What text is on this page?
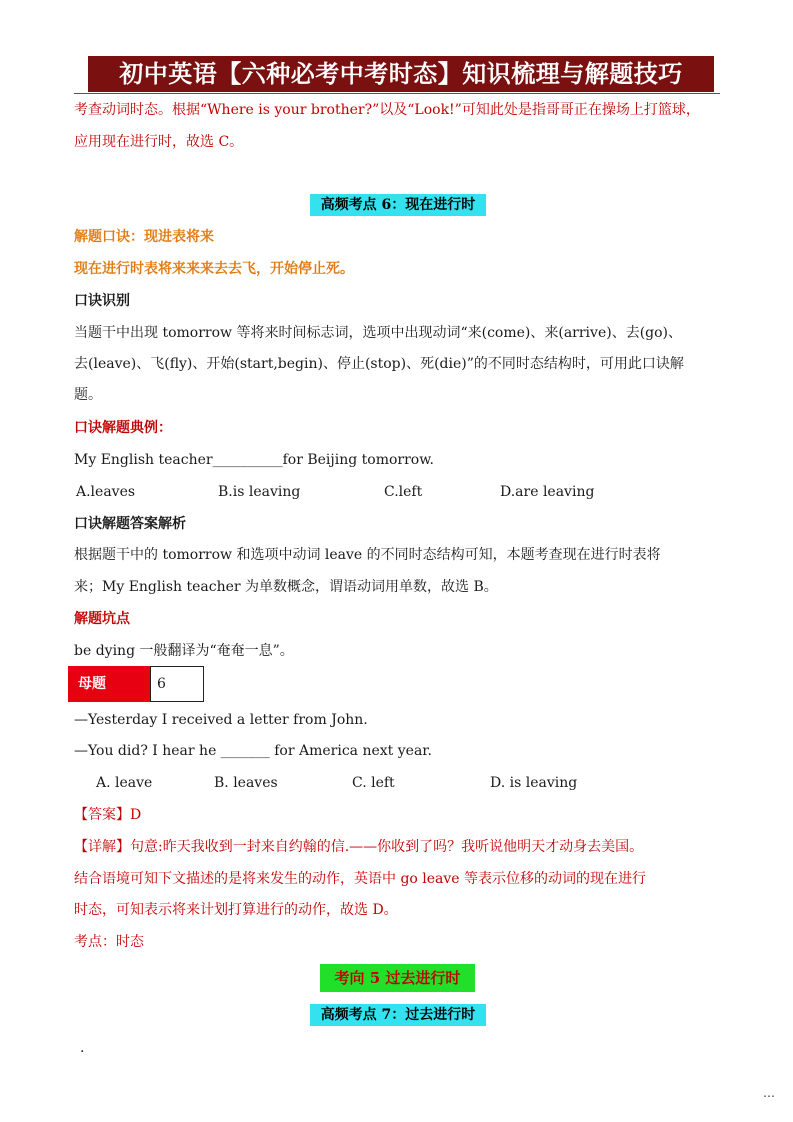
初中英语【六种必考中考时态】知识梳理与解题技巧
考查动词时态。根据“Where is your brother?”以及“Look!”可知此处是指哥哥正在操场上打篮球，
应用现在进行时，故选 C。
高频考点 6：现在进行时
解题口诀：现进表将来
现在进行时表将来来来去去飞，开始停止死。
口诀识别
当题干中出现 tomorrow 等将来时间标志词，选项中出现动词“来(come)、来(arrive)、去(go)、
去(leave)、飞(fly)、开始(start,begin)、停止(stop)、死(die)”的不同时态结构时，可用此口诀解
题。
口诀解题典例：
My English teacher__________for Beijing tomorrow.
A.leaves	B.is leaving	C.left	D.are leaving
口诀解题答案解析
根据题干中的 tomorrow 和选项中动词 leave 的不同时态结构可知，本题考查现在进行时表将
来；My English teacher 为单数概念，谓语动词用单数，故选 B。
解题坑点
be dying 一般翻译为“奄奄一息”。
母题	6
—Yesterday I received a letter from John.
—You did? I hear he _______ for America next year.
A. leave	B. leaves	C. left	D. is leaving
【答案】D
【详解】句意:昨天我收到一封来自约翰的信.——你收到了吗？我听说他明天才动身去美国。
结合语境可知下文描述的是将来发生的动作，英语中 go leave 等表示位移的动词的现在进行
时态，可知表示将来计划打算进行的动作，故选 D。
考点：时态
考向 5 过去进行时
高频考点 7：过去进行时
.
…
